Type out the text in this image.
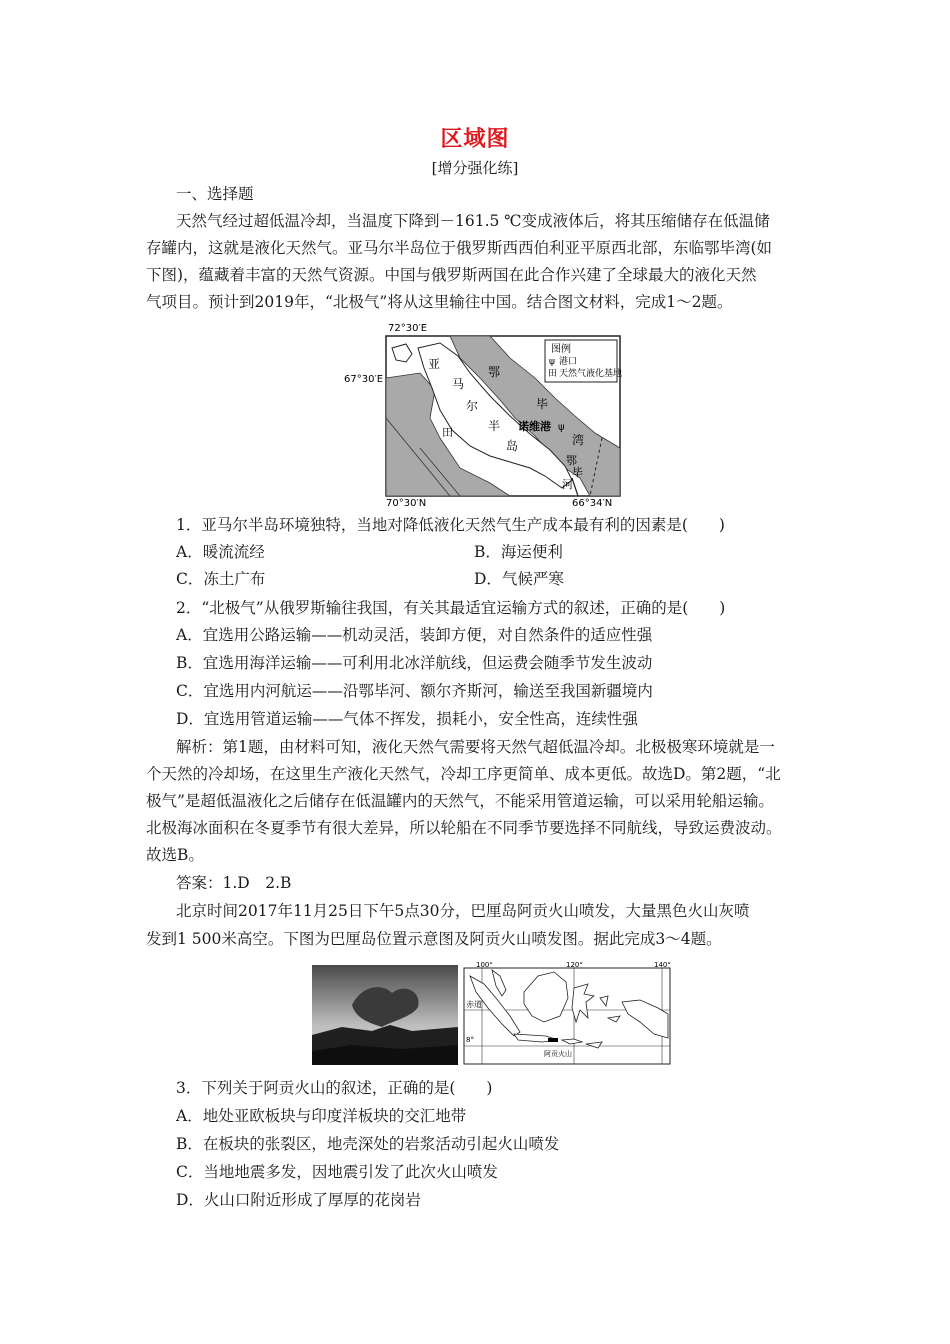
区域图
[增分强化练]
一、选择题
天然气经过超低温冷却，当温度下降到－161.5 ℃变成液体后，将其压缩储存在低温储
存罐内，这就是液化天然气。亚马尔半岛位于俄罗斯西西伯利亚平原西北部，东临鄂毕湾(如
下图)，蕴藏着丰富的天然气资源。中国与俄罗斯两国在此合作兴建了全球最大的液化天然
气项目。预计到2019年，“北极气”将从这里输往中国。结合图文材料，完成1～2题。
图例
ψ 港口
田 天然气液化基地
72°30′E
67°30′E
70°30′N	66°34′N
亚
马
尔
半
岛
鄂
毕
湾
鄂
毕
河
田	诺维港 ψ
1．亚马尔半岛环境独特，当地对降低液化天然气生产成本最有利的因素是(　　)
A．暖流流经	B．海运便利
C．冻土广布	D．气候严寒
2．“北极气”从俄罗斯输往我国，有关其最适宜运输方式的叙述，正确的是(　　)
A．宜选用公路运输——机动灵活，装卸方便，对自然条件的适应性强
B．宜选用海洋运输——可利用北冰洋航线，但运费会随季节发生波动
C．宜选用内河航运——沿鄂毕河、额尔齐斯河，输送至我国新疆境内
D．宜选用管道运输——气体不挥发，损耗小，安全性高，连续性强
解析：第1题，由材料可知，液化天然气需要将天然气超低温冷却。北极极寒环境就是一
个天然的冷却场，在这里生产液化天然气，冷却工序更简单、成本更低。故选D。第2题，“北
极气”是超低温液化之后储存在低温罐内的天然气，不能采用管道运输，可以采用轮船运输。
北极海冰面积在冬夏季节有很大差异，所以轮船在不同季节要选择不同航线，导致运费波动。
故选B。
答案：1.D　2.B
北京时间2017年11月25日下午5点30分，巴厘岛阿贡火山喷发，大量黑色火山灰喷
发到1 500米高空。下图为巴厘岛位置示意图及阿贡火山喷发图。据此完成3～4题。
100°	120°	140°
赤道
8°
阿贡火山
3．下列关于阿贡火山的叙述，正确的是(　　)
A．地处亚欧板块与印度洋板块的交汇地带
B．在板块的张裂区，地壳深处的岩浆活动引起火山喷发
C．当地地震多发，因地震引发了此次火山喷发
D．火山口附近形成了厚厚的花岗岩
